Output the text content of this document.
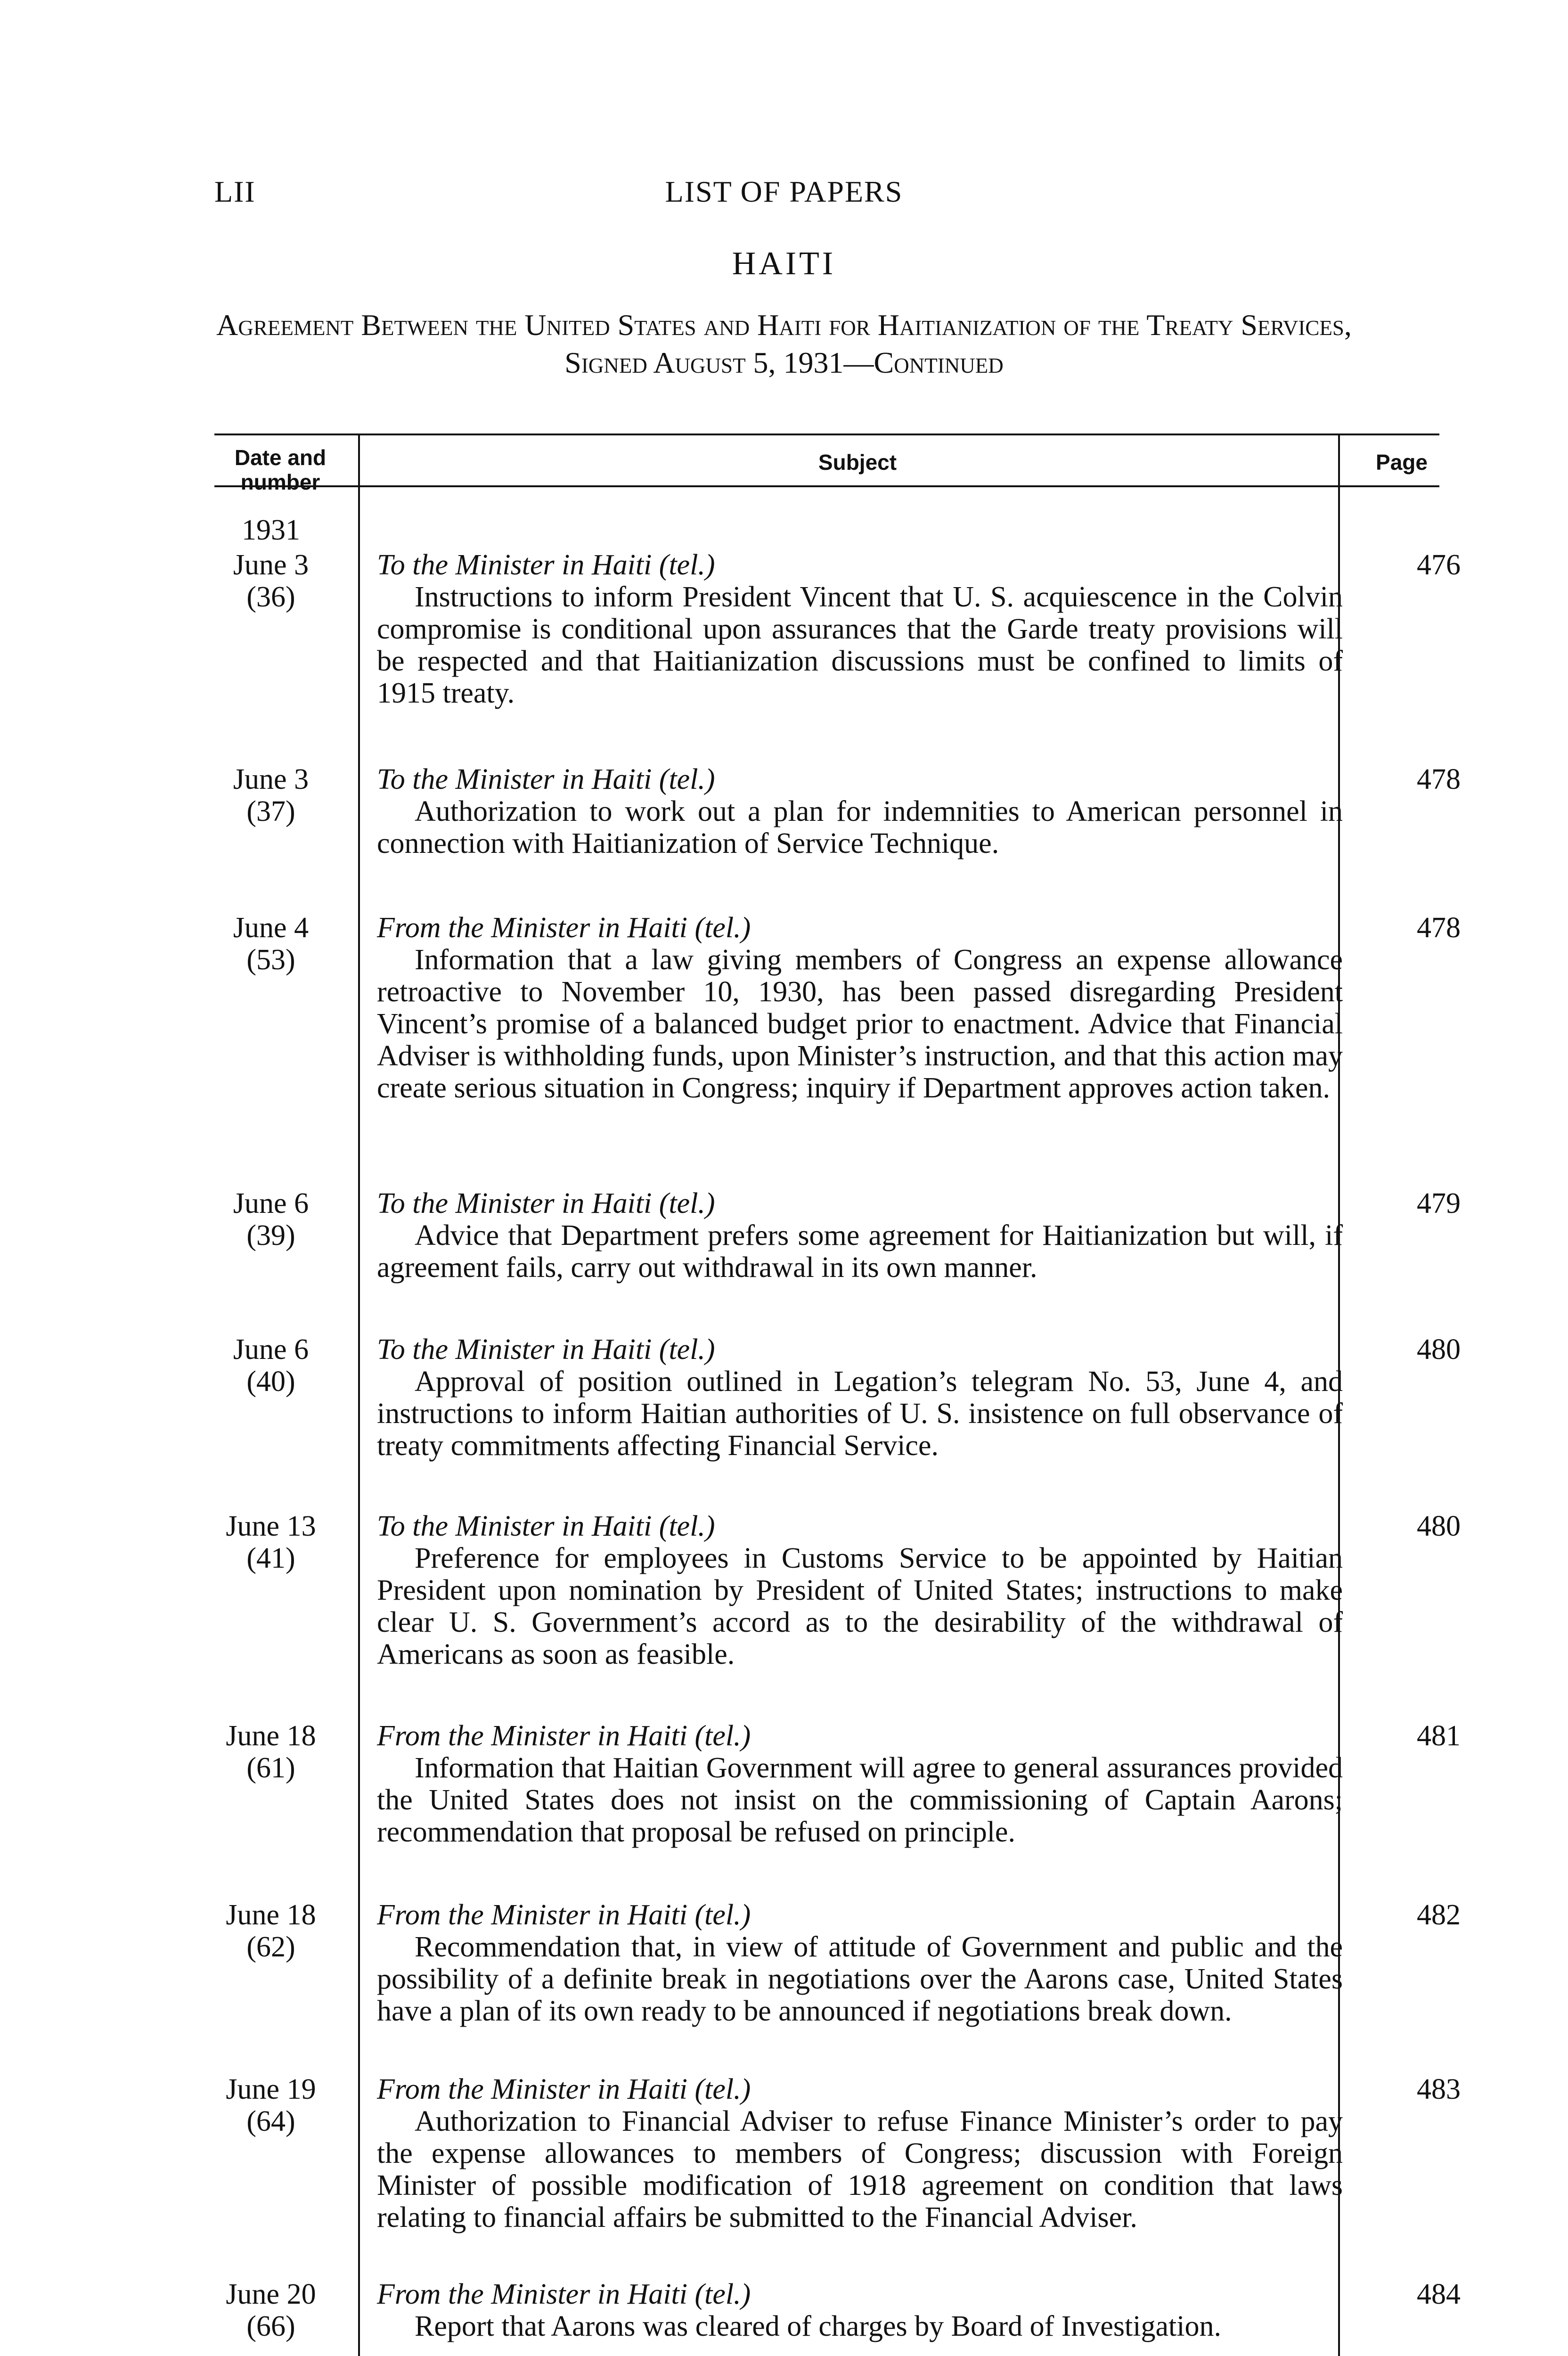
LII	LIST OF PAPERS
HAITI
Agreement Between the United States and Haiti for Haitianization of the Treaty Services, Signed August 5, 1931—Continued
Date and number
Subject	Page
1931
June 3
(36)
To the Minister in Haiti (tel.)
Instructions to inform President Vincent that U. S. acquiescence in the Colvin compromise is conditional upon assurances that the Garde treaty provisions will be respected and that Haitianization discussions must be confined to limits of 1915 treaty.
476
June 3
(37)
To the Minister in Haiti (tel.)
Authorization to work out a plan for indemnities to American personnel in connection with Haitianization of Service Technique.
478
June 4
(53)
From the Minister in Haiti (tel.)
Information that a law giving members of Congress an expense allowance retroactive to November 10, 1930, has been passed disregarding President Vincent’s promise of a balanced budget prior to enactment. Advice that Financial Adviser is withholding funds, upon Minister’s instruction, and that this action may create serious situation in Congress; inquiry if Department approves action taken.
478
June 6
(39)
To the Minister in Haiti (tel.)
Advice that Department prefers some agreement for Haitianization but will, if agreement fails, carry out withdrawal in its own manner.
479
June 6
(40)
To the Minister in Haiti (tel.)
Approval of position outlined in Legation’s telegram No. 53, June 4, and instructions to inform Haitian authorities of U. S. insistence on full observance of treaty commitments affecting Financial Service.
480
June 13
(41)
To the Minister in Haiti (tel.)
Preference for employees in Customs Service to be appointed by Haitian President upon nomination by President of United States; instructions to make clear U. S. Government’s accord as to the desirability of the withdrawal of Americans as soon as feasible.
480
June 18
(61)
From the Minister in Haiti (tel.)
Information that Haitian Government will agree to general assurances provided the United States does not insist on the commissioning of Captain Aarons; recommendation that proposal be refused on principle.
481
June 18
(62)
From the Minister in Haiti (tel.)
Recommendation that, in view of attitude of Government and public and the possibility of a definite break in negotiations over the Aarons case, United States have a plan of its own ready to be announced if negotiations break down.
482
June 19
(64)
From the Minister in Haiti (tel.)
Authorization to Financial Adviser to refuse Finance Minister’s order to pay the expense allowances to members of Congress; discussion with Foreign Minister of possible modification of 1918 agreement on condition that laws relating to financial affairs be submitted to the Financial Adviser.
483
June 20
(66)
From the Minister in Haiti (tel.)
Report that Aarons was cleared of charges by Board of Investigation.
484
